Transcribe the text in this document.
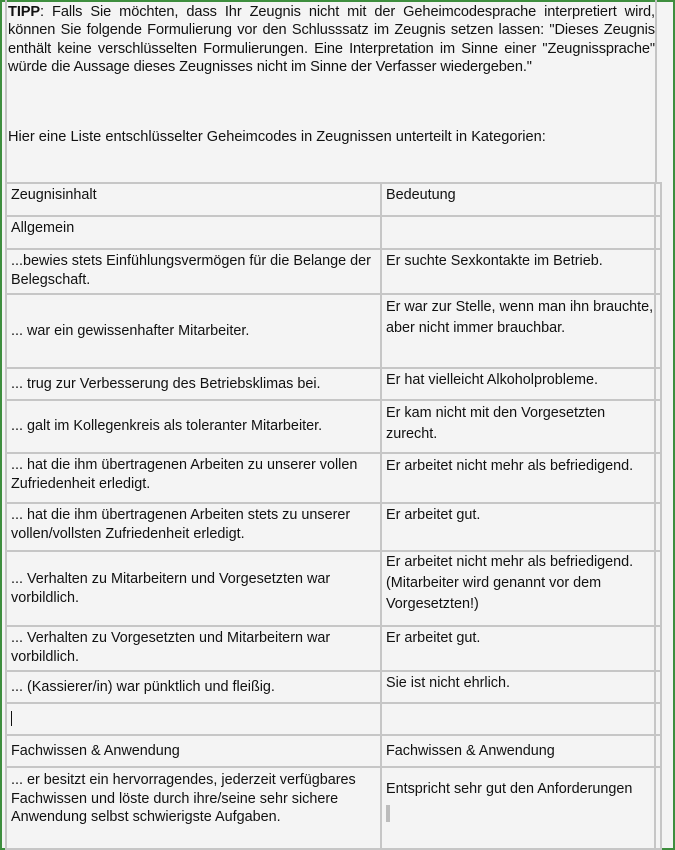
TIPP: Falls Sie möchten, dass Ihr Zeugnis nicht mit der Geheimcodesprache interpretiert wird, können Sie folgende Formulierung vor den Schlusssatz im Zeugnis setzen lassen: "Dieses Zeugnis enthält keine verschlüsselten Formulierungen. Eine Interpretation im Sinne einer "Zeugnissprache" würde die Aussage dieses Zeugnisses nicht im Sinne der Verfasser wiedergeben."

Hier eine Liste entschlüsselter Geheimcodes in Zeugnissen unterteilt in Kategorien:

Zeugnisinhalt	Bedeutung
Allgemein	
...bewies stets Einfühlungsvermögen für die Belange der Belegschaft.	Er suchte Sexkontakte im Betrieb.
... war ein gewissenhafter Mitarbeiter.	Er war zur Stelle, wenn man ihn brauchte, aber nicht immer brauchbar.
... trug zur Verbesserung des Betriebsklimas bei.	Er hat vielleicht Alkoholprobleme.
... galt im Kollegenkreis als toleranter Mitarbeiter.	Er kam nicht mit den Vorgesetzten zurecht.
... hat die ihm übertragenen Arbeiten zu unserer vollen Zufriedenheit erledigt.	Er arbeitet nicht mehr als befriedigend.
... hat die ihm übertragenen Arbeiten stets zu unserer vollen/vollsten Zufriedenheit erledigt.	Er arbeitet gut.
... Verhalten zu Mitarbeitern und Vorgesetzten war vorbildlich.	Er arbeitet nicht mehr als befriedigend. (Mitarbeiter wird genannt vor dem Vorgesetzten!)
... Verhalten zu Vorgesetzten und Mitarbeitern war vorbildlich.	Er arbeitet gut.
... (Kassierer/in) war pünktlich und fleißig.	Sie ist nicht ehrlich.

Fachwissen & Anwendung	Fachwissen & Anwendung
... er besitzt ein hervorragendes, jederzeit verfügbares Fachwissen und löste durch ihre/seine sehr sichere Anwendung selbst schwierigste Aufgaben.	Entspricht sehr gut den Anforderungen
